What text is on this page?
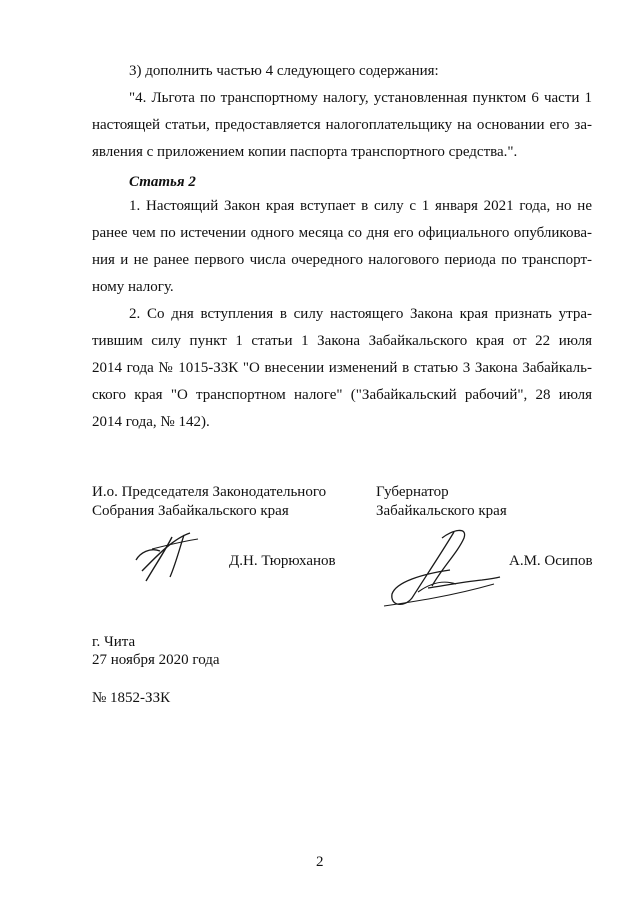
3) дополнить частью 4 следующего содержания:
"4. Льгота по транспортному налогу, установленная пунктом 6 части 1
настоящей статьи, предоставляется налогоплательщику на основании его за-
явления с приложением копии паспорта транспортного средства.".
Статья 2
1. Настоящий Закон края вступает в силу с 1 января 2021 года, но не
ранее чем по истечении одного месяца со дня его официального опубликова-
ния и не ранее первого числа очередного налогового периода по транспорт-
ному налогу.
2. Со дня вступления в силу настоящего Закона края признать утра-
тившим силу пункт 1 статьи 1 Закона Забайкальского края от 22 июля
2014 года № 1015-ЗЗК "О внесении изменений в статью 3 Закона Забайкаль-
ского края "О транспортном налоге" ("Забайкальский рабочий", 28 июля
2014 года, № 142).
И.о. Председателя Законодательного
Собрания Забайкальского края
Д.Н. Тюрюханов
Губернатор
Забайкальского края
А.М. Осипов
г. Чита
27 ноября 2020 года
№ 1852-ЗЗК
2
